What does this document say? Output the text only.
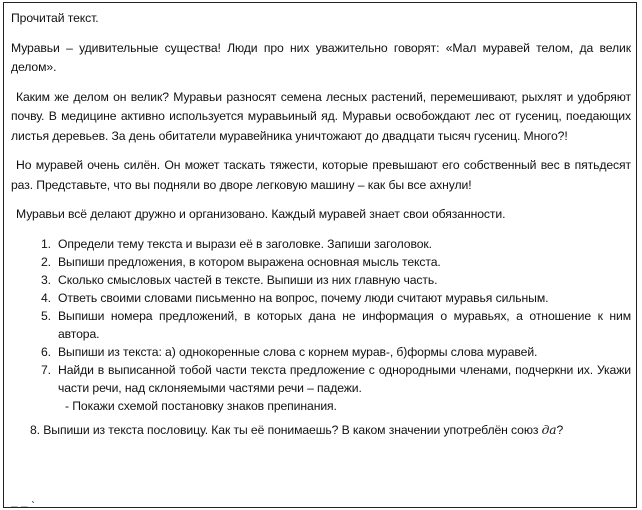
Прочитай текст.

Муравьи – удивительные существа! Люди про них уважительно говорят: «Мал муравей телом, да велик делом».

Каким же делом он велик? Муравьи разносят семена лесных растений, перемешивают, рыхлят и удобряют почву. В медицине активно используется муравьиный яд. Муравьи освобождают лес от гусениц, поедающих листья деревьев. За день обитатели муравейника уничтожают до двадцати тысяч гусениц. Много?!

Но муравей очень силён. Он может таскать тяжести, которые превышают его собственный вес в пятьдесят раз. Представьте, что вы подняли во дворе легковую машину – как бы все ахнули!

Муравьи всё делают дружно и организовано. Каждый муравей знает свои обязанности.

1. Определи тему текста и вырази её в заголовке. Запиши заголовок.
2. Выпиши предложения, в котором выражена основная мысль текста.
3. Сколько смысловых частей в тексте. Выпиши из них главную часть.
4. Ответь своими словами письменно на вопрос, почему люди считают муравья сильным.
5. Выпиши номера предложений, в которых дана не информация о муравьях, а отношение к ним автора.
6. Выпиши из текста: а) однокоренные слова с корнем мурав-, б)формы слова муравей.
7. Найди в выписанной тобой части текста предложение с однородными членами, подчеркни их. Укажи части речи, над склоняемыми частями речи – падежи.
- Покажи схемой постановку знаков препинания.
8. Выпиши из текста пословицу. Как ты её понимаешь? В каком значении употреблён союз да?
– – ˋ
